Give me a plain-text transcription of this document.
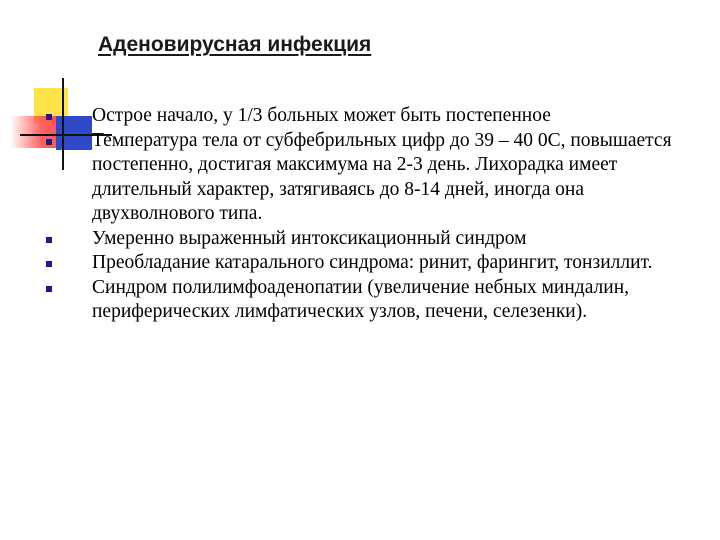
Аденовирусная инфекция
Острое начало, у 1/3 больных может быть постепенное
Температура тела от субфебрильных цифр до 39 – 40 0С, повышается постепенно, достигая максимума на 2-3 день. Лихорадка имеет длительный характер, затягиваясь до 8-14 дней, иногда она двухволнового типа.
Умеренно выраженный интоксикационный синдром
Преобладание катарального синдрома: ринит, фарингит, тонзиллит.
Синдром полилимфоаденопатии (увеличение небных миндалин, периферических лимфатических узлов, печени, селезенки).
